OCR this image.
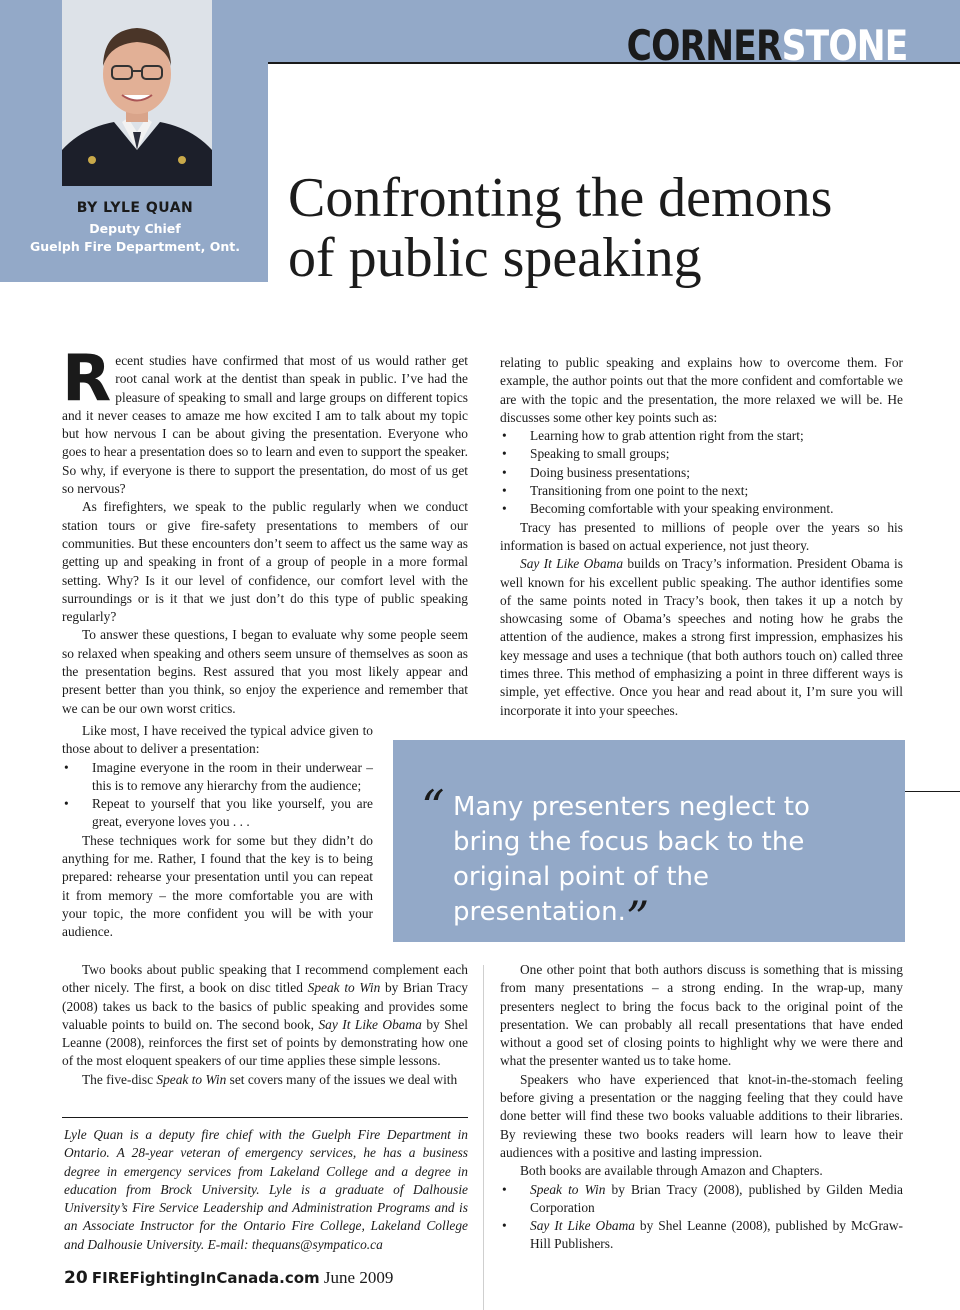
CORNERSTONE
BY LYLE QUAN
Deputy Chief
Guelph Fire Department, Ont.
Confronting the demons
of public speaking

Recent studies have confirmed that most of us would rather get root canal work at the dentist than speak in public. I’ve had the pleasure of speaking to small and large groups on different topics and it never ceases to amaze me how excited I am to talk about my topic but how nervous I can be about giving the presentation. Everyone who goes to hear a presentation does so to learn and even to support the speaker. So why, if everyone is there to support the presentation, do most of us get so nervous?

As firefighters, we speak to the public regularly when we conduct station tours or give fire-safety presentations to members of our communities. But these encounters don’t seem to affect us the same way as getting up and speaking in front of a group of people in a more formal setting. Why? Is it our level of confidence, our comfort level with the surroundings or is it that we just don’t do this type of public speaking regularly?

To answer these questions, I began to evaluate why some people seem so relaxed when speaking and others seem unsure of themselves as soon as the presentation begins. Rest assured that you most likely appear and present better than you think, so enjoy the experience and remember that we can be our own worst critics.

Like most, I have received the typical advice given to those about to deliver a presentation:

• Imagine everyone in the room in their underwear – this is to remove any hierarchy from the audience;
• Repeat to yourself that you like yourself, you are great, everyone loves you . . .

These techniques work for some but they didn’t do anything for me. Rather, I found that the key is to being prepared: rehearse your presentation until you can repeat it from memory – the more comfortable you are with your topic, the more confident you will be with your audience.

Two books about public speaking that I recommend complement each other nicely. The first, a book on disc titled Speak to Win by Brian Tracy (2008) takes us back to the basics of public speaking and provides some valuable points to build on. The second book, Say It Like Obama by Shel Leanne (2008), reinforces the first set of points by demonstrating how one of the most eloquent speakers of our time applies these simple lessons.

The five-disc Speak to Win set covers many of the issues we deal with

Lyle Quan is a deputy fire chief with the Guelph Fire Department in Ontario. A 28-year veteran of emergency services, he has a business degree in emergency services from Lakeland College and a degree in education from Brock University. Lyle is a graduate of Dalhousie University’s Fire Service Leadership and Administration Programs and is an Associate Instructor for the Ontario Fire College, Lakeland College and Dalhousie University. E-mail: thequans@sympatico.ca

relating to public speaking and explains how to overcome them. For example, the author points out that the more confident and comfortable we are with the topic and the presentation, the more relaxed we will be. He discusses some other key points such as:

• Learning how to grab attention right from the start;
• Speaking to small groups;
• Doing business presentations;
• Transitioning from one point to the next;
• Becoming comfortable with your speaking environment.

Tracy has presented to millions of people over the years so his information is based on actual experience, not just theory.

Say It Like Obama builds on Tracy’s information. President Obama is well known for his excellent public speaking. The author identifies some of the same points noted in Tracy’s book, then takes it up a notch by showcasing some of Obama’s speeches and noting how he grabs the attention of the audience, makes a strong first impression, emphasizes his key message and uses a technique (that both authors touch on) called three times three. This method of emphasizing a point in three different ways is simple, yet effective. Once you hear and read about it, I’m sure you will incorporate it into your speeches.

“ Many presenters neglect to bring the focus back to the original point of the presentation.”

One other point that both authors discuss is something that is missing from many presentations – a strong ending. In the wrap-up, many presenters neglect to bring the focus back to the original point of the presentation. We can probably all recall presentations that have ended without a good set of closing points to highlight why we were there and what the presenter wanted us to take home.

Speakers who have experienced that knot-in-the-stomach feeling before giving a presentation or the nagging feeling that they could have done better will find these two books valuable additions to their libraries. By reviewing these two books readers will learn how to leave their audiences with a positive and lasting impression.

Both books are available through Amazon and Chapters.

• Speak to Win by Brian Tracy (2008), published by Gilden Media Corporation
• Say It Like Obama by Shel Leanne (2008), published by McGraw-Hill Publishers.
20 FIREFightingInCanada.com June 2009
